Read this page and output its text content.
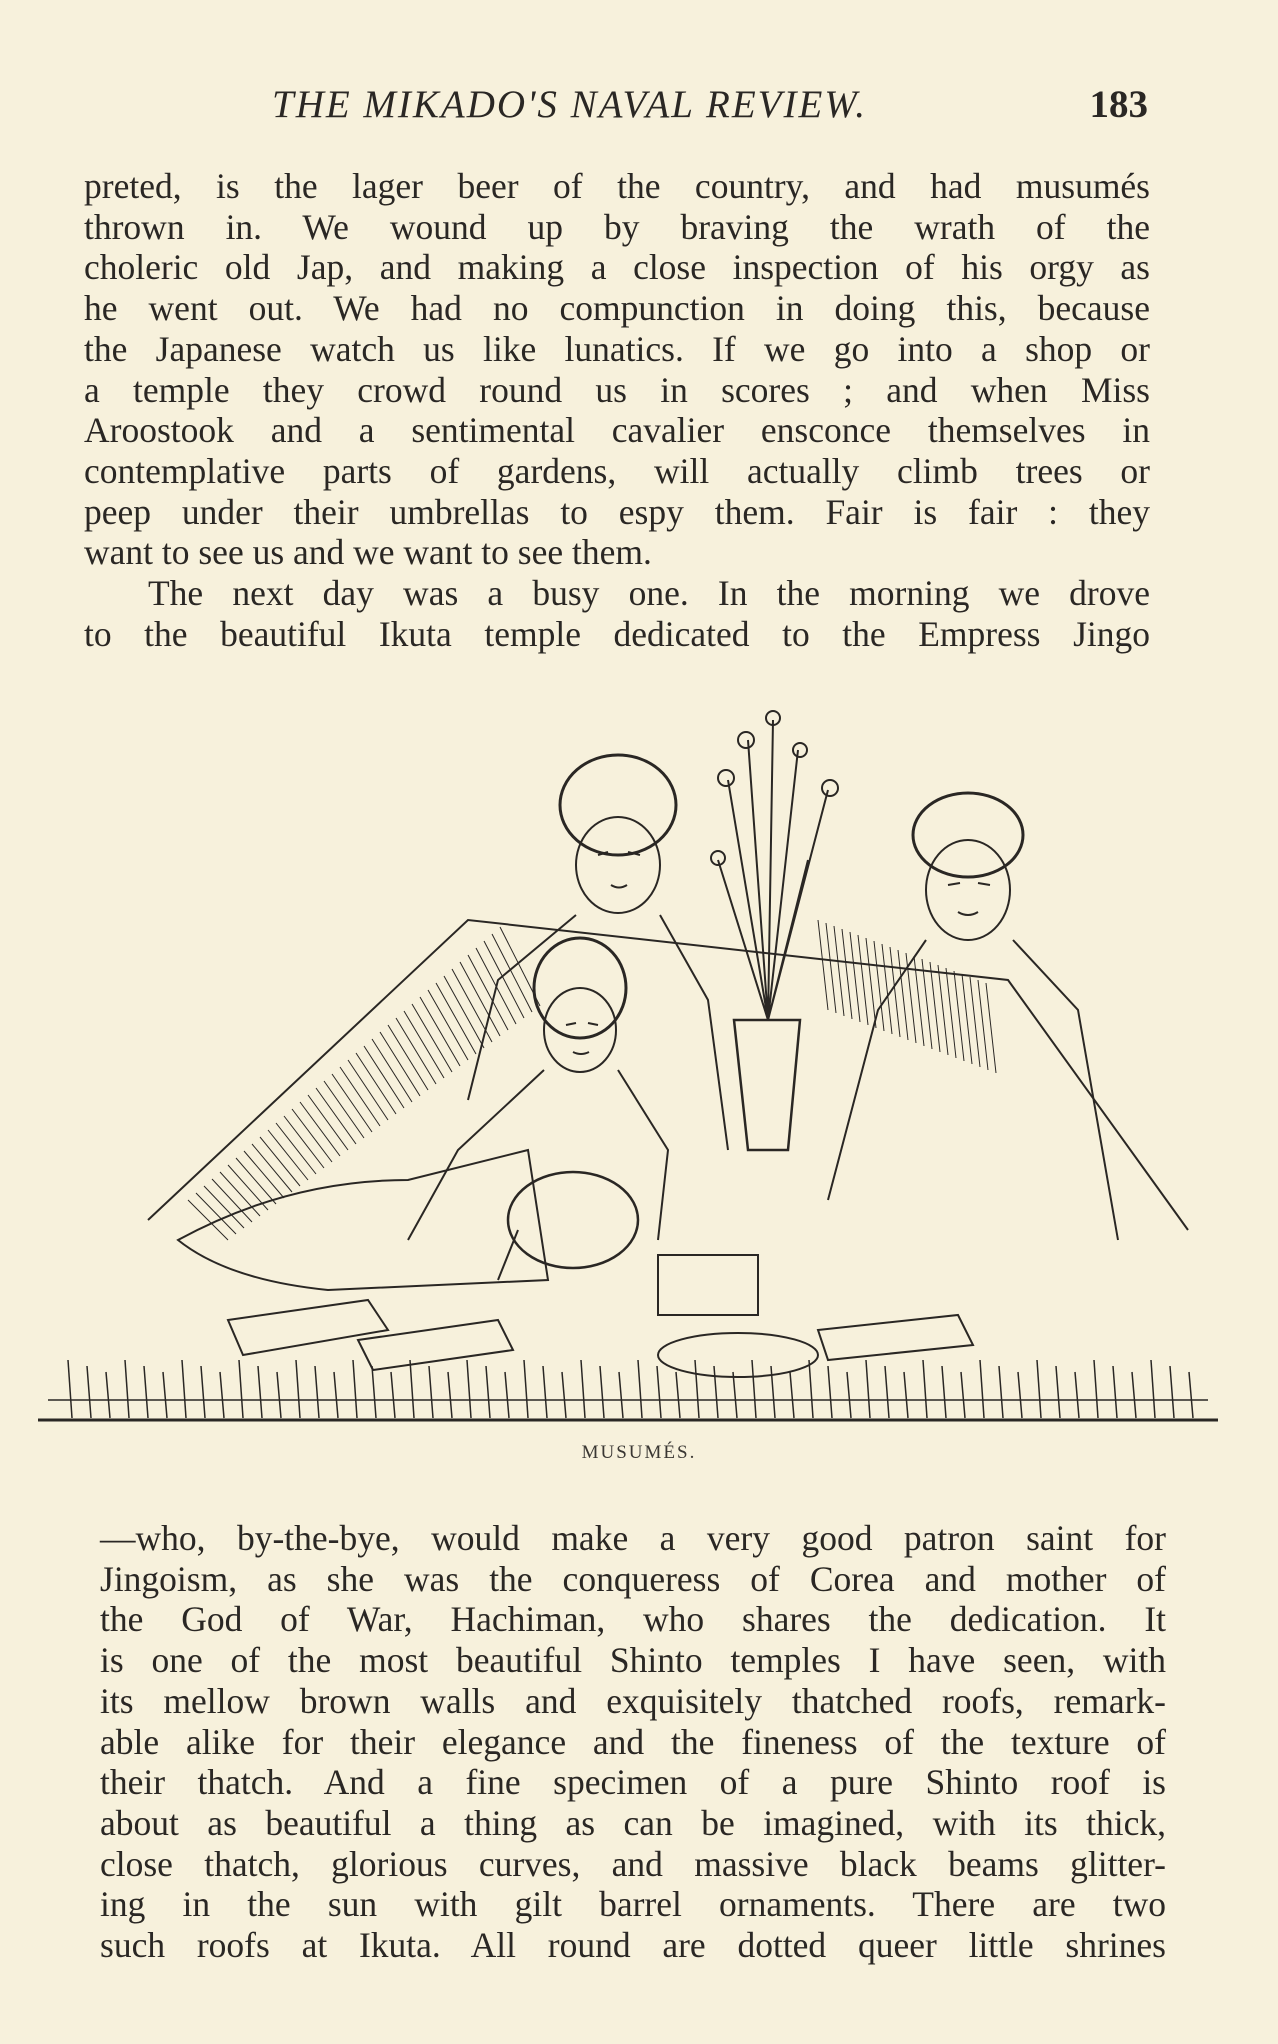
THE MIKADO'S NAVAL REVIEW.	183
preted, is the lager beer of the country, and had musumés
thrown in. We wound up by braving the wrath of the
choleric old Jap, and making a close inspection of his orgy as
he went out. We had no compunction in doing this, because
the Japanese watch us like lunatics. If we go into a shop or
a temple they crowd round us in scores ; and when Miss
Aroostook and a sentimental cavalier ensconce themselves in
contemplative parts of gardens, will actually climb trees or
peep under their umbrellas to espy them. Fair is fair : they
want to see us and we want to see them.
The next day was a busy one. In the morning we drove
to the beautiful Ikuta temple dedicated to the Empress Jingo
MUSUMÉS.
—who, by-the-bye, would make a very good patron saint for
Jingoism, as she was the conqueress of Corea and mother of
the God of War, Hachiman, who shares the dedication. It
is one of the most beautiful Shinto temples I have seen, with
its mellow brown walls and exquisitely thatched roofs, remark-
able alike for their elegance and the fineness of the texture of
their thatch. And a fine specimen of a pure Shinto roof is
about as beautiful a thing as can be imagined, with its thick,
close thatch, glorious curves, and massive black beams glitter-
ing in the sun with gilt barrel ornaments. There are two
such roofs at Ikuta. All round are dotted queer little shrines
